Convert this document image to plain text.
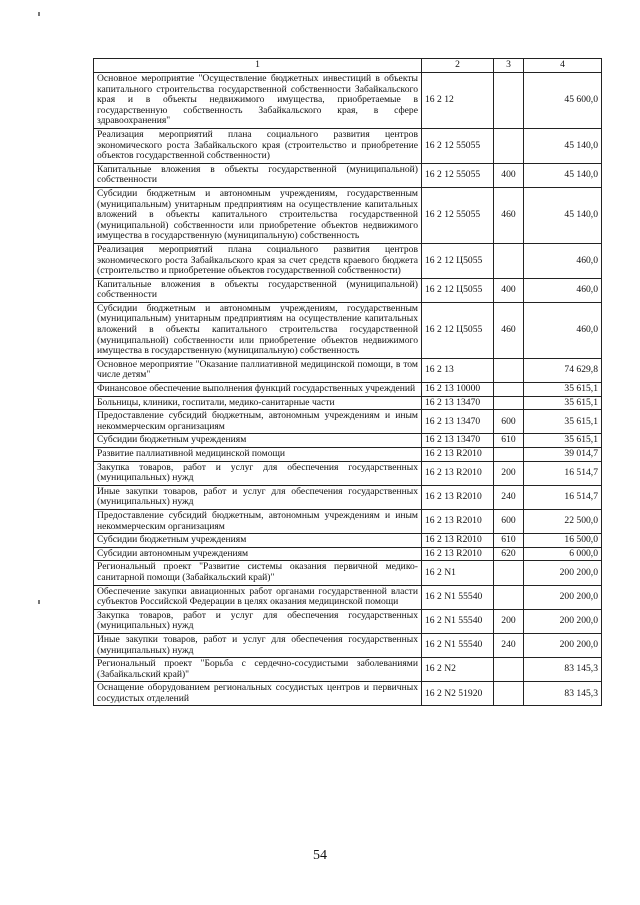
1	2	3	4
Основное мероприятие "Осуществление бюджетных инвестиций в объекты капитального строительства государственной собственности Забайкальского края и в объекты недвижимого имущества, приобретаемые в государственную собственность Забайкальского края, в сфере здравоохранения"	16 2 12		45 600,0
Реализация мероприятий плана социального развития центров экономического роста Забайкальского края (строительство и приобретение объектов государственной собственности)	16 2 12 55055		45 140,0
Капитальные вложения в объекты государственной (муниципальной) собственности	16 2 12 55055	400	45 140,0
Субсидии бюджетным и автономным учреждениям, государственным (муниципальным) унитарным предприятиям на осуществление капитальных вложений в объекты капитального строительства государственной (муниципальной) собственности или приобретение объектов недвижимого имущества в государственную (муниципальную) собственность	16 2 12 55055	460	45 140,0
Реализация мероприятий плана социального развития центров экономического роста Забайкальского края за счет средств краевого бюджета (строительство и приобретение объектов государственной собственности)	16 2 12 Ц5055		460,0
Капитальные вложения в объекты государственной (муниципальной) собственности	16 2 12 Ц5055	400	460,0
Субсидии бюджетным и автономным учреждениям, государственным (муниципальным) унитарным предприятиям на осуществление капитальных вложений в объекты капитального строительства государственной (муниципальной) собственности или приобретение объектов недвижимого имущества в государственную (муниципальную) собственность	16 2 12 Ц5055	460	460,0
Основное мероприятие "Оказание паллиативной медицинской помощи, в том числе детям"	16 2 13		74 629,8
Финансовое обеспечение выполнения функций государственных учреждений	16 2 13 10000		35 615,1
Больницы, клиники, госпитали, медико-санитарные части	16 2 13 13470		35 615,1
Предоставление субсидий бюджетным, автономным учреждениям и иным некоммерческим организациям	16 2 13 13470	600	35 615,1
Субсидии бюджетным учреждениям	16 2 13 13470	610	35 615,1
Развитие паллиативной медицинской помощи	16 2 13 R2010		39 014,7
Закупка товаров, работ и услуг для обеспечения государственных (муниципальных) нужд	16 2 13 R2010	200	16 514,7
Иные закупки товаров, работ и услуг для обеспечения государственных (муниципальных) нужд	16 2 13 R2010	240	16 514,7
Предоставление субсидий бюджетным, автономным учреждениям и иным некоммерческим организациям	16 2 13 R2010	600	22 500,0
Субсидии бюджетным учреждениям	16 2 13 R2010	610	16 500,0
Субсидии автономным учреждениям	16 2 13 R2010	620	6 000,0
Региональный проект "Развитие системы оказания первичной медико-санитарной помощи (Забайкальский край)"	16 2 N1		200 200,0
Обеспечение закупки авиационных работ органами государственной власти субъектов Российской Федерации в целях оказания медицинской помощи	16 2 N1 55540		200 200,0
Закупка товаров, работ и услуг для обеспечения государственных (муниципальных) нужд	16 2 N1 55540	200	200 200,0
Иные закупки товаров, работ и услуг для обеспечения государственных (муниципальных) нужд	16 2 N1 55540	240	200 200,0
Региональный проект "Борьба с сердечно-сосудистыми заболеваниями (Забайкальский край)"	16 2 N2		83 145,3
Оснащение оборудованием региональных сосудистых центров и первичных сосудистых отделений	16 2 N2 51920		83 145,3
54
